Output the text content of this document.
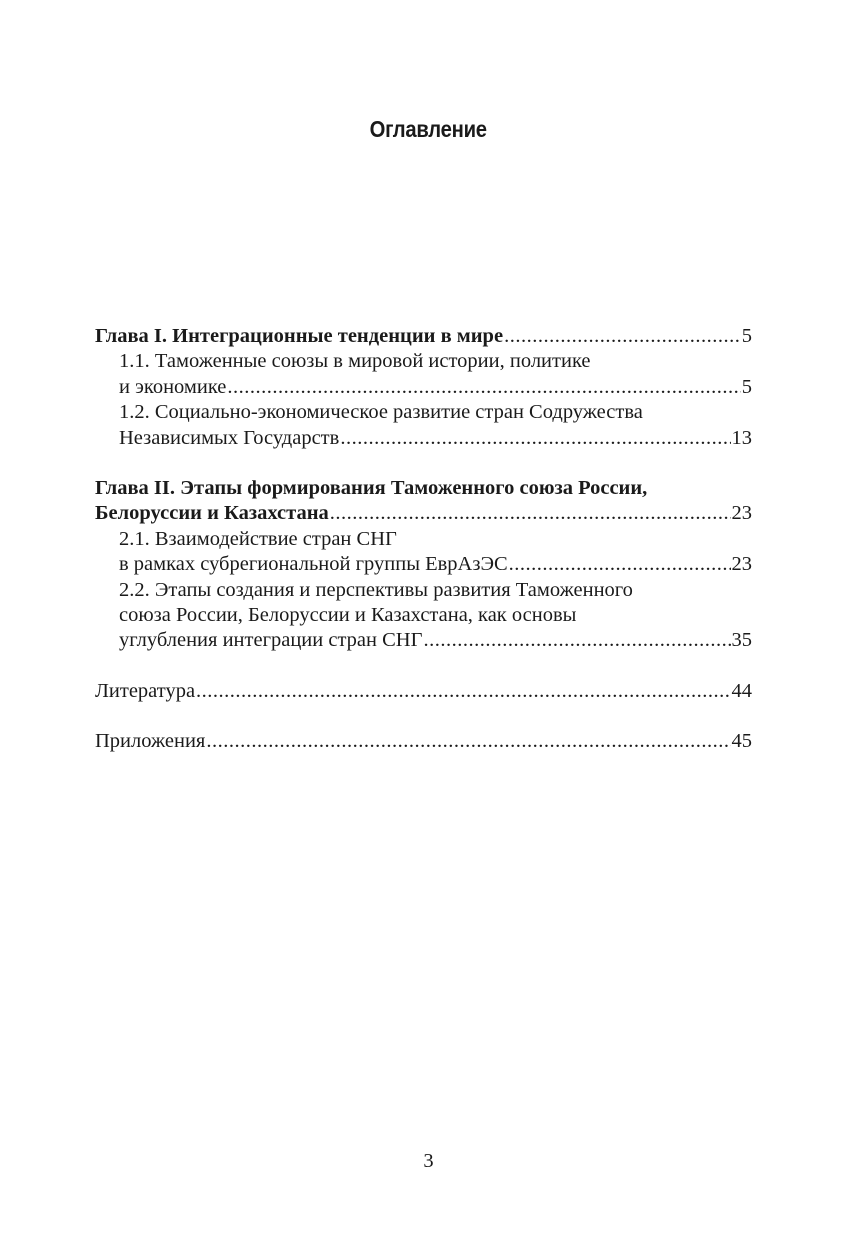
Оглавление
Глава I. Интеграционные тенденции в мире .....	5
1.1. Таможенные союзы в мировой истории, политике
и экономике .....	5
1.2. Социально-экономическое развитие стран Содружества
Независимых Государств .....	13
Глава II. Этапы формирования Таможенного союза России,
Белоруссии и Казахстана .....	23
2.1. Взаимодействие стран СНГ
в рамках субрегиональной группы ЕврАзЭС .....	23
2.2. Этапы создания и перспективы развития Таможенного
союза России, Белоруссии и Казахстана, как основы
углубления интеграции стран СНГ .....	35
Литература .....	44
Приложения .....	45
3
